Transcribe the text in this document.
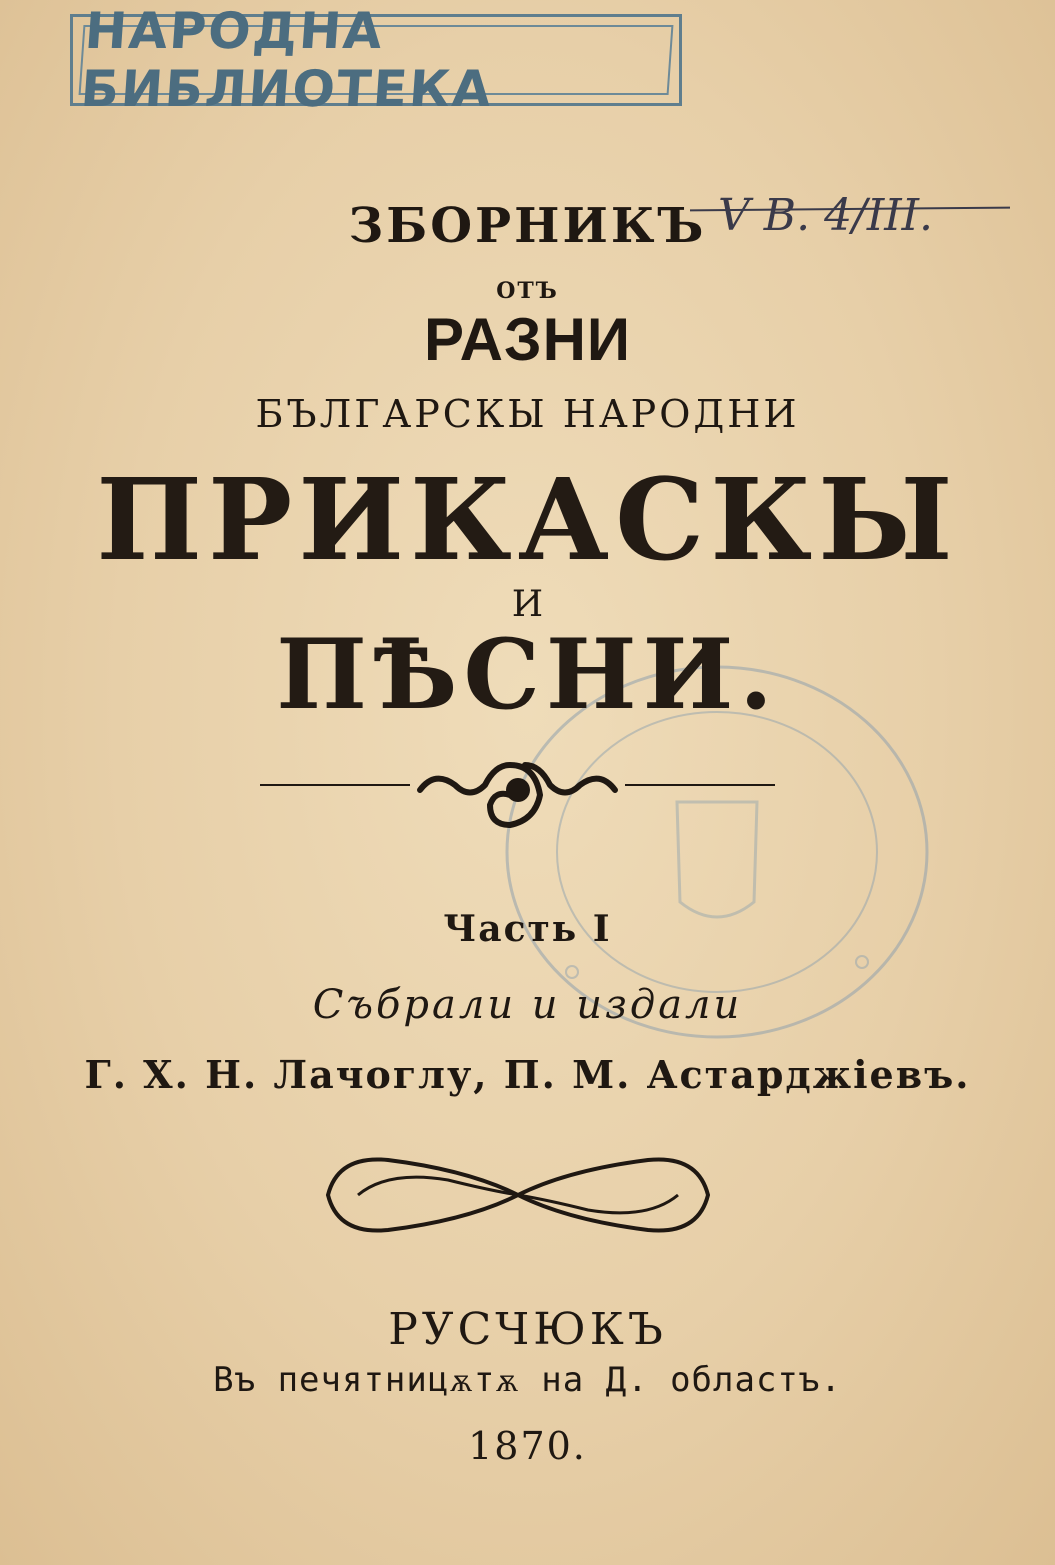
НАРОДНА БИБЛИОТЕКА
V B. 4/III.
ЗБОРНИКЪ
ОТЪ
РАЗНИ
БЪЛГАРСКЫ НАРОДНИ
ПРИКАСКЫ
И
ПѢСНИ.
Часть I
Събрали и издали
Г. Х. Н. Лачоглу, П. М. Астарджіевъ.
РУСЧЮКЪ
Въ печятницѫтѫ на Д. областъ.
1870.
